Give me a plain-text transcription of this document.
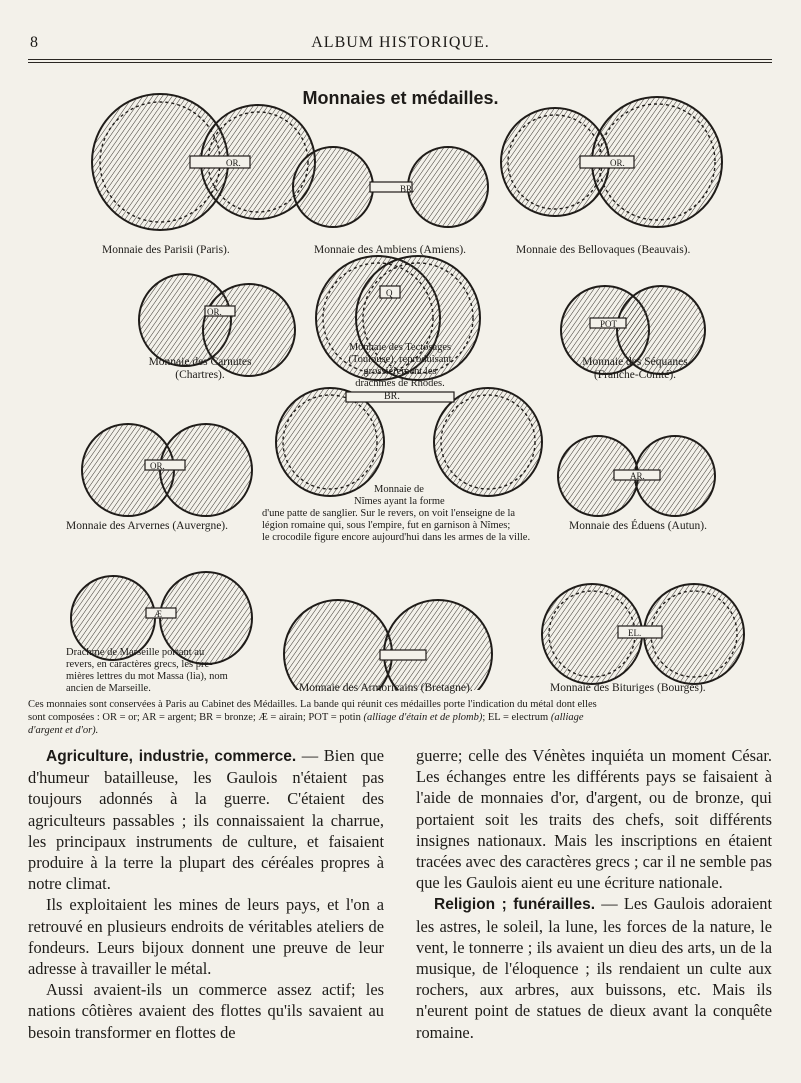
8	ALBUM HISTORIQUE.
Monnaies et médailles.
OR.
BR.
OR.
OR.
Q
POT
BR.
OR.
AR.
Æ
EL.
Monnaie des Parisii (Paris).	Monnaie des Ambiens (Amiens).	Monnaie des Bellovaques (Beauvais).
Monnaie des Carnutes
(Chartres).
Monnaie des Tectosages
(Toulouse), reproduisant
grossièrement les
drachmes de Rhodes.
Monnaie des Séquanes
(Franche-Comté).
Monnaie des Arvernes (Auvergne).
Monnaie de
Nîmes ayant la forme
d'une patte de sanglier. Sur le revers, on voit l'enseigne de la
légion romaine qui, sous l'empire, fut en garnison à Nîmes;
le crocodile figure encore aujourd'hui dans les armes de la ville.
Monnaie des Éduens (Autun).
Drachme de Marseille portant au
revers, en caractères grecs, les pre-
mières lettres du mot Massa (lia), nom
ancien de Marseille.	Monnaie des Armoricains (Bretagne).	Monnaie des Bituriges (Bourges).
Ces monnaies sont conservées à Paris au Cabinet des Médailles. La bande qui réunit ces médailles porte l'indication du métal dont elles
sont composées : OR = or; AR = argent; BR = bronze; Æ = airain; POT = potin (alliage d'étain et de plomb); EL = electrum (alliage
d'argent et d'or).

Agriculture, industrie, commerce. — Bien que d'humeur batailleuse, les Gaulois n'étaient pas toujours adonnés à la guerre. C'étaient des agriculteurs passables ; ils connaissaient la charrue, les principaux instruments de culture, et faisaient produire à la terre la plupart des céréales propres à notre climat.

Ils exploitaient les mines de leurs pays, et l'on a retrouvé en plusieurs endroits de véritables ateliers de fondeurs. Leurs bijoux donnent une preuve de leur adresse à travailler le métal.

Aussi avaient-ils un commerce assez actif; les nations côtières avaient des flottes qu'ils savaient au besoin transformer en flottes de

guerre; celle des Vénètes inquiéta un moment César. Les échanges entre les différents pays se faisaient à l'aide de monnaies d'or, d'argent, ou de bronze, qui portaient soit les traits des chefs, soit différents insignes nationaux. Mais les inscriptions en étaient tracées avec des caractères grecs ; car il ne semble pas que les Gaulois aient eu une écriture nationale.

Religion ; funérailles. — Les Gaulois adoraient les astres, le soleil, la lune, les forces de la nature, le vent, le tonnerre ; ils avaient un dieu des arts, un de la musique, de l'éloquence ; ils rendaient un culte aux rochers, aux arbres, aux buissons, etc. Mais ils n'eurent point de statues de dieux avant la conquête romaine.
